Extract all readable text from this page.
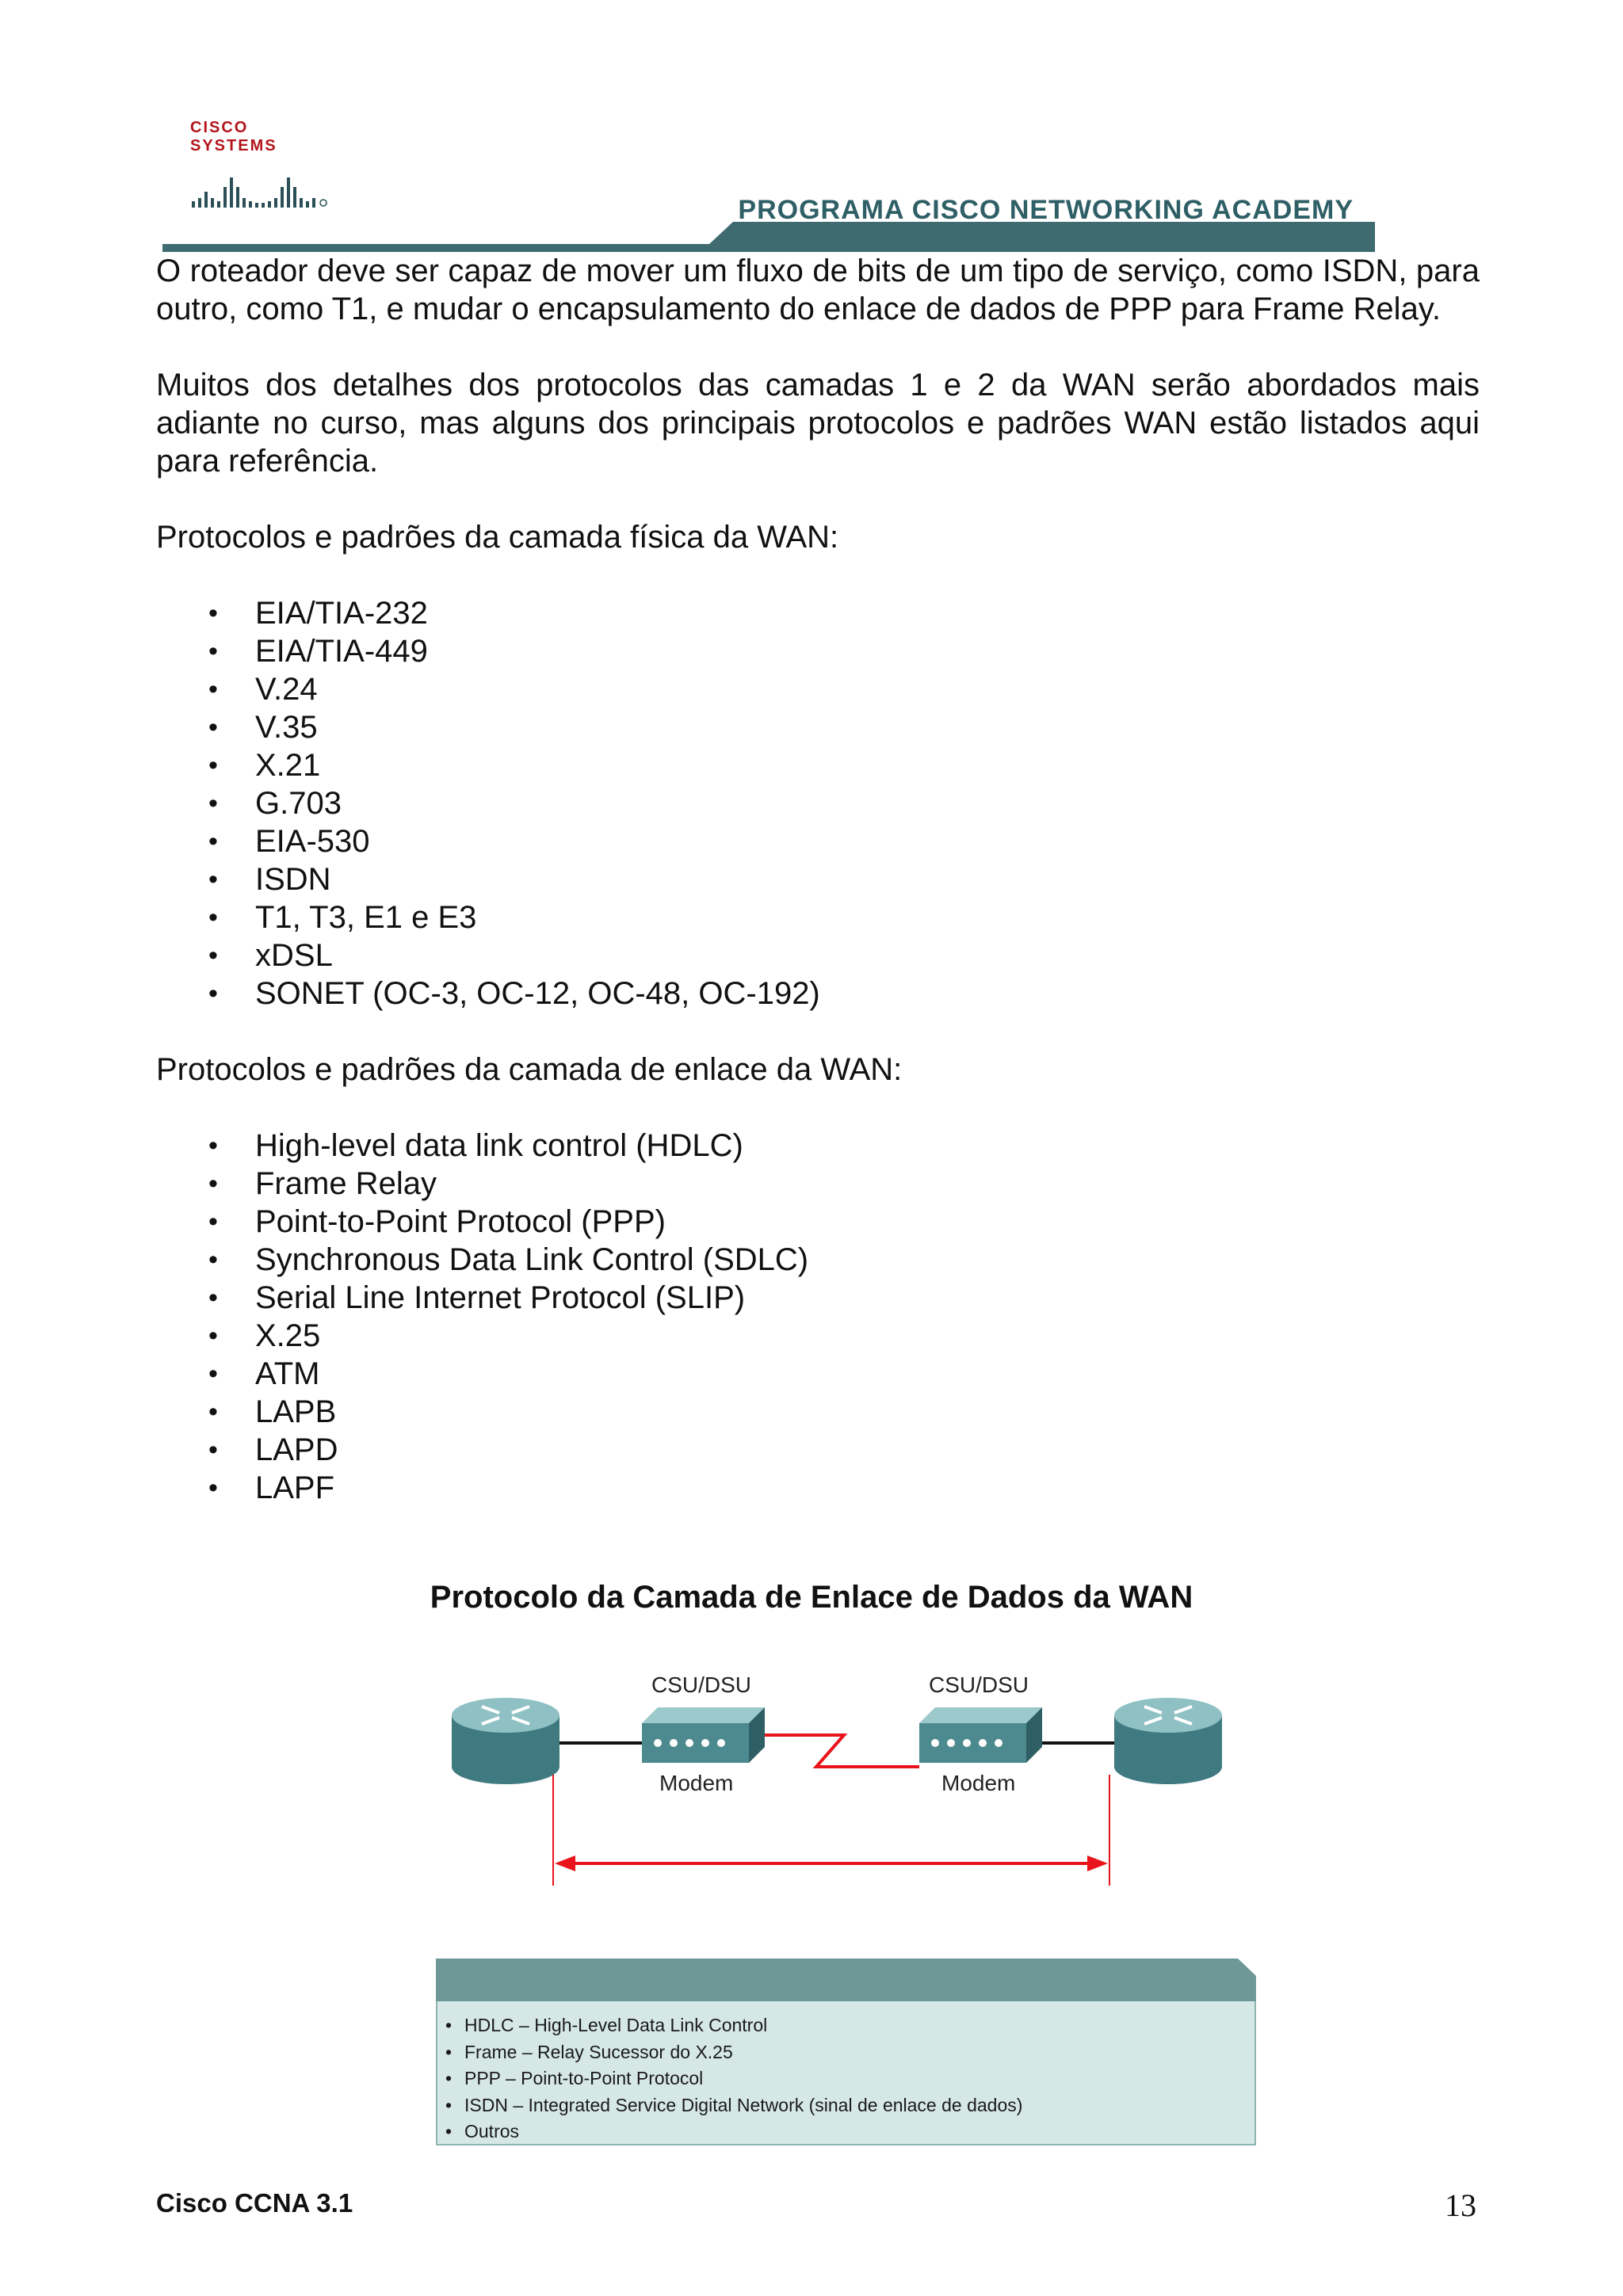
CISCO SYSTEMS
PROGRAMA CISCO NETWORKING ACADEMY

O roteador deve ser capaz de mover um fluxo de bits de um tipo de serviço, como ISDN, para outro, como T1, e mudar o encapsulamento do enlace de dados de PPP para Frame Relay.

Muitos dos detalhes dos protocolos das camadas 1 e 2 da WAN serão abordados mais adiante no curso, mas alguns dos principais protocolos e padrões WAN estão listados aqui para referência.

Protocolos e padrões da camada física da WAN:

• EIA/TIA-232
• EIA/TIA-449
• V.24
• V.35
• X.21
• G.703
• EIA-530
• ISDN
• T1, T3, E1 e E3
• xDSL
• SONET (OC-3, OC-12, OC-48, OC-192)

Protocolos e padrões da camada de enlace da WAN:

• High-level data link control (HDLC)
• Frame Relay
• Point-to-Point Protocol (PPP)
• Synchronous Data Link Control (SDLC)
• Serial Line Internet Protocol (SLIP)
• X.25
• ATM
• LAPB
• LAPD
• LAPF
Protocolo da Camada de Enlace de Dados da WAN
CSU/DSU	CSU/DSU
Modem	Modem
• HDLC – High-Level Data Link Control
• Frame – Relay Sucessor do X.25
• PPP – Point-to-Point Protocol
• ISDN – Integrated Service Digital Network (sinal de enlace de dados)
• Outros
Cisco CCNA 3.1	13
